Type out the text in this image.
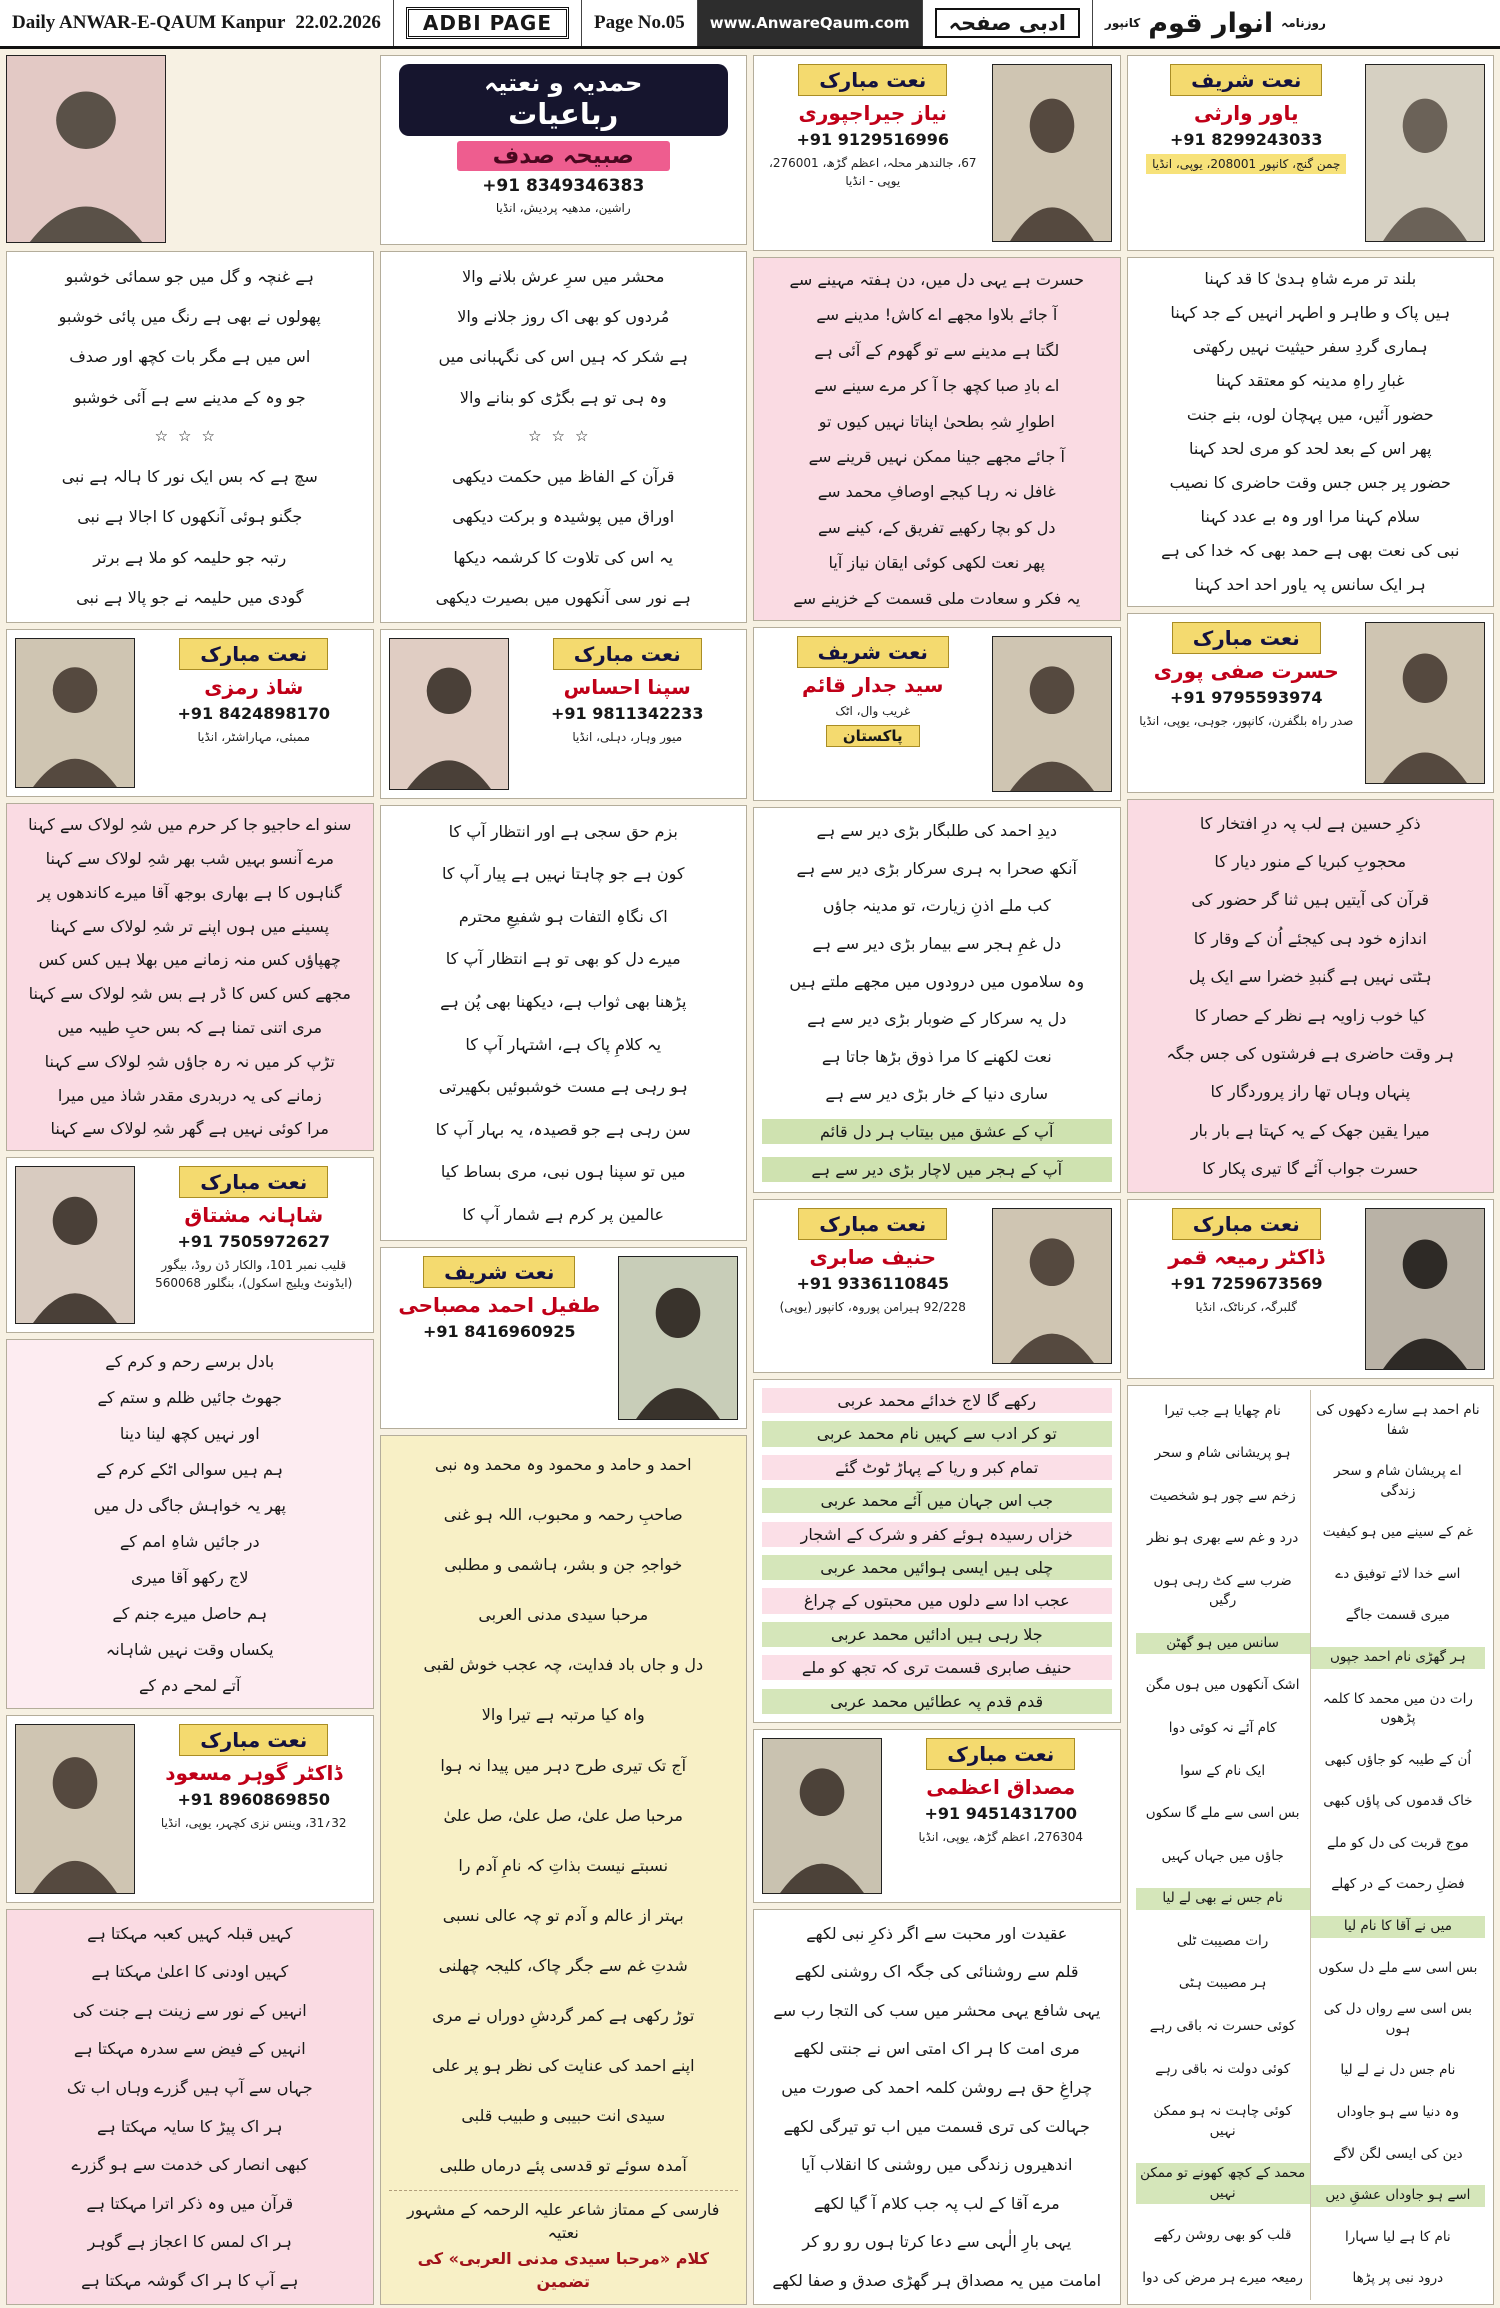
Daily ANWAR-E-QAUM Kanpur 22.02.2026	ADBI PAGE	Page No.05	www.AnwareQaum.com	ادبی صفحہ	روزنامہ
انوار قوم
کانپور
ہے غنچہ و گل میں جو سمائی خوشبو
پھولوں نے بھی ہے رنگ میں پائی خوشبو
اس میں ہے مگر بات کچھ اور صدف
جو وہ کے مدینے سے ہے آئی خوشبو
☆☆☆
سچ ہے کہ بس ایک نور کا ہالہ ہے نبی
جگنو ہوئی آنکھوں کا اجالا ہے نبی
رتبہ جو حلیمہ کو ملا ہے برتر
گودی میں حلیمہ نے جو پالا ہے نبی
نعت مبارک
شاذ رمزی
+91 8424898170
ممبئی، مہاراشٹر، انڈیا
سنو اے حاجیو جا کر حرم میں شہِ لولاک سے کہنا
مرے آنسو بہیں شب بھر شہِ لولاک سے کہنا
گناہوں کا ہے بھاری بوجھ آقا میرے کاندھوں پر
پسینے میں ہوں اپنے تر شہِ لولاک سے کہنا
چھپاؤں کس منہ زمانے میں بھلا ہیں کس کس
مجھے کس کس کا ڈر ہے بس شہِ لولاک سے کہنا
مری اتنی تمنا ہے کہ بس حبِ طیبہ میں
تڑپ کر میں نہ رہ جاؤں شہِ لولاک سے کہنا
زمانے کی یہ دربدری مقدر شاذ میں میرا
مرا کوئی نہیں ہے گھر شہِ لولاک سے کہنا
نعت مبارک
شاہانہ مشتاق
+91 7505972627
قلیب نمبر 101، والکار ڈن روڈ، بیگور (ایڈونٹ ویلیج اسکول)، بنگلور 560068
بادل برسے رحم و کرم کے
جھوٹ جائیں ظلم و ستم کے
اور نہیں کچھ لینا دینا
ہم ہیں سوالی اٹکے کرم کے
پھر یہ خواہش جاگی دل میں
در جائیں شاہِ امم کے
لاج رکھو آقا میری
ہم حاصل میرے جنم کے
یکساں وقت نہیں شاہانہ
آتے لمحے دم کے
نعت مبارک
ڈاکٹر گوہر مسعود
+91 8960869850
32؍31، وینس نزی کچہر، یوپی، انڈیا
کہیں قبلہ کہیں کعبہ مہکتا ہے
کہیں اودنی کا اعلیٰ مہکتا ہے
انہیں کے نور سے زینت ہے جنت کی
انہیں کے فیض سے سدرہ مہکتا ہے
جہاں سے آپ ہیں گزرے وہاں اب تک
ہر اک پیڑ کا سایہ مہکتا ہے
کبھی انصار کی خدمت سے ہو گزرے
قرآن میں وہ ذکر اترا مہکتا ہے
ہر اک لمس کا اعجاز ہے گوہر
ہے آپ کا ہر اک گوشہ مہکتا ہے
حمدیہ و نعتیہ
رباعیات
صبیحہ صدف
+91 8349346383
راشین، مدھیہ پردیش، انڈیا
محشر میں سرِ عرش بلانے والا
مُردوں کو بھی اک روز جلانے والا
ہے شکر کہ ہیں اس کی نگہبانی میں
وہ ہی تو ہے بگڑی کو بنانے والا
☆☆☆
قرآن کے الفاظ میں حکمت دیکھی
اوراق میں پوشیدہ و برکت دیکھی
یہ اس کی تلاوت کا کرشمہ دیکھا
ہے نور سی آنکھوں میں بصیرت دیکھی
نعت مبارک
سپنا احساس
+91 9811342233
میور وہار، دہلی، انڈیا
بزم حق سجی ہے اور انتظار آپ کا
کون ہے جو چاہتا نہیں ہے پیار آپ کا
اک نگاہِ التفات ہو شفیعِ محترم
میرے دل کو بھی تو ہے انتظار آپ کا
پڑھنا بھی ثواب ہے، دیکھنا بھی پُن ہے
یہ کلامِ پاک ہے، اشتہار آپ کا
ہو رہی ہے مست خوشبوئیں بکھیرتی
سن رہی ہے جو قصیدہ، یہ بہار آپ کا
میں تو سپنا ہوں نبی، مری بساط کیا
عالمین پر کرم ہے شمار آپ کا
نعت شریف
طفیل احمد مصباحی
+91 8416960925
احمد و حامد و محمود وہ محمد وہ نبی
صاحبِ رحمہ و محبوب، اللہ ہو غنی
خواجہِ جن و بشر، ہاشمی و مطلبی
مرحبا سیدی مدنی العربی
دل و جاں باد فدایت، چہ عجب خوش لقبی
واہ کیا مرتبہ ہے تیرا والا
آج تک تیری طرح دہر میں پیدا نہ ہوا
مرحبا صل علیٰ، صل علیٰ، صل علیٰ
نسبتے نیست بذاتِ کہ نامِ آدم را
بہتر از عالم و آدم تو چہ عالی نسبی
شدتِ غم سے جگر چاک، کلیجہ چھلنی
توڑ رکھی ہے کمر گردشِ دوراں نے مری
اپنے احمد کی عنایت کی نظر ہو پر علی
سیدی انت حبیبی و طبیب قلبی
آمدہ سوئے تو قدسی پئے درماں طلبی
فارسی کے ممتاز شاعر علیہ الرحمہ کے مشہور نعتیہ
کلام «مرحبا سیدی مدنی العربی» کی تضمین
نعت مبارک
نیاز جیراجپوری
+91 9129516996
67، جالندھر محلہ، اعظم گڑھ، 276001، یوپی - انڈیا
حسرت ہے یہی دل میں، دن ہفتہ مہینے سے
آ جائے بلاوا مجھے اے کاش! مدینے سے
لگتا ہے مدینے سے تو گھوم کے آئی ہے
اے بادِ صبا کچھ جا آ کر مرے سینے سے
اطوارِ شہِ بطحیٰ اپناتا نہیں کیوں تو
آ جائے مجھے جینا ممکن نہیں قرینے سے
غافل نہ رہا کیجے اوصافِ محمد سے
دل کو بچا رکھیے تفریق کے، کینے سے
پھر نعت لکھی کوئی ایقان نیاز آیا
یہ فکر و سعادت ملی قسمت کے خزینے سے
نعت شریف
سید جدار قائم
غریب وال، اٹک
پاکستان
دیدِ احمد کی طلبگار بڑی دیر سے ہے
آنکھ صحرا بہ ہری سرکار بڑی دیر سے ہے
کب ملے اذنِ زیارت، تو مدینہ جاؤں
دل غمِ ہجر سے بیمار بڑی دیر سے ہے
وہ سلاموں میں درودوں میں مجھے ملتے ہیں
دل یہ سرکار کے ضوبار بڑی دیر سے ہے
نعت لکھنے کا مرا ذوق بڑھا جاتا ہے
ساری دنیا کے خار بڑی دیر سے ہے
آپ کے عشق میں بیتاب ہر دل قائم
آپ کے ہجر میں لاچار بڑی دیر سے ہے
نعت مبارک
حنیف صابری
+91 9336110845
92/228 ہیرامن پوروہ، کانپور (یوپی)
رکھے گا لاج خدائے محمد عربی
تو کر ادب سے کہیں نام محمد عربی
تمام کبر و ریا کے پہاڑ ٹوٹ گئے
جب اس جہان میں آئے محمد عربی
خزاں رسیدہ ہوئے کفر و شرک کے اشجار
چلی ہیں ایسی ہوائیں محمد عربی
عجب ادا سے دلوں میں محبتوں کے چراغ
جلا رہی ہیں ادائیں محمد عربی
حنیف صابری قسمت تری کہ تجھ کو ملے
قدم قدم پہ عطائیں محمد عربی
نعت مبارک
مصداق اعظمی
+91 9451431700
276304، اعظم گڑھ، یوپی، انڈیا
عقیدت اور محبت سے اگر ذکرِ نبی لکھے
قلم سے روشنائی کی جگہ اک روشنی لکھے
یہی شافع یہی محشر میں سب کی التجا رب سے
مری امت کا ہر اک امتی اس نے جنتی لکھے
چراغِ حق ہے روشن کلمہ احمد کی صورت میں
جہالت کی تری قسمت میں اب تو تیرگی لکھے
اندھیروں زندگی میں روشنی کا انقلاب آیا
مرے آقا کے لب پہ جب کلام آ گیا لکھے
یہی بارِ الٰہی سے دعا کرتا ہوں رو رو کر
امامت میں یہ مصداق ہر گھڑی صدق و صفا لکھے
نعت شریف
یاور وارثی
+91 8299243033
چمن گنج، کانپور 208001، یوپی، انڈیا
بلند تر مرے شاہِ ہدیٰ کا قد کہنا
ہیں پاک و طاہر و اطہر انہیں کے جد کہنا
ہماری گردِ سفر حیثیت نہیں رکھتی
غبارِ راہِ مدینہ کو معتقد کہنا
حضور آئیں، میں پہچان لوں، بنے جنت
پھر اس کے بعد لحد کو مری لحد کہنا
حضور پر جس جس وقت حاضری کا نصیب
سلام کہنا مرا اور وہ بے عدد کہنا
نبی کی نعت بھی ہے حمد بھی کہ خدا کی ہے
ہر ایک سانس پہ یاور احد احد کہنا
نعت مبارک
حسرت صفی پوری
+91 9795593974
صدر راہ بلگفرن، کانپور، جوہی، یوپی، انڈیا
ذکرِ حسین ہے لب پہ درِ افتخار کا
محجوبِ کبریا کے منور دیار کا
قرآن کی آیتیں ہیں ثنا گر حضور کی
اندازہ خود ہی کیجئے اُن کے وقار کا
ہٹتی نہیں ہے گنبدِ خضرا سے ایک پل
کیا خوب زاویہ ہے نظر کے حصار کا
ہر وقت حاضری ہے فرشتوں کی جس جگہ
پنہاں وہاں تھا راز پروردگار کا
میرا یقین جھک کے یہ کہتا ہے بار بار
حسرت جواب آئے گا تیری پکار کا
نعت مبارک
ڈاکٹر رمیعہ قمر
+91 7259673569
گلبرگہ، کرناٹک، انڈیا
نام احمد ہے سارے دکھوں کی شفا
اے پریشان شام و سحر زندگی
غم کے سینے میں ہو کیفیت
اسے خدا لائے توفیق دے
میری قسمت جاگے
ہر گھڑی نام احمد جپوں
رات دن میں محمد کا کلمہ پڑھوں
اُن کے طیبہ کو جاؤں کبھی
خاک قدموں کی پاؤں کبھی
موج قربت کی دل کو ملے
فضلِ رحمت کے در کھلے
میں نے آقا کا نام لیا
بس اسی سے ملے دل سکوں
بس اسی سے رواں دل کی ہوں
نام جس دل نے لے لیا
وہ دنیا سے ہو جاوداں
دین کی ایسی لگن لاگے
اسے ہو جاوداں عشقِ دیں
نام کا ہے لیا سہارا
درود نبی پر پڑھا
نام چھایا ہے جب تیرا
ہو پریشانی شام و سحر
زخم سے چور ہو شخصیت
درد و غم سے بھری ہو نظر
ضرب سے کٹ رہی ہوں رگیں
سانس میں ہو گھٹن
اشک آنکھوں میں ہوں مگن
کام آئے نہ کوئی دوا
ایک نام کے سوا
بس اسی سے ملے گا سکوں
جاؤں میں جہاں کہیں
نام جس نے بھی لے لیا
رات مصیبت ٹلی
ہر مصیبت ہٹی
کوئی حسرت نہ باقی رہے
کوئی دولت نہ باقی رہے
کوئی چاہت نہ ہو ممکن نہیں
محمد کے کچھ کھونے تو ممکن نہیں
قلب کو بھی روشن رکھے
رمیعہ میرے ہر مرض کی دوا
